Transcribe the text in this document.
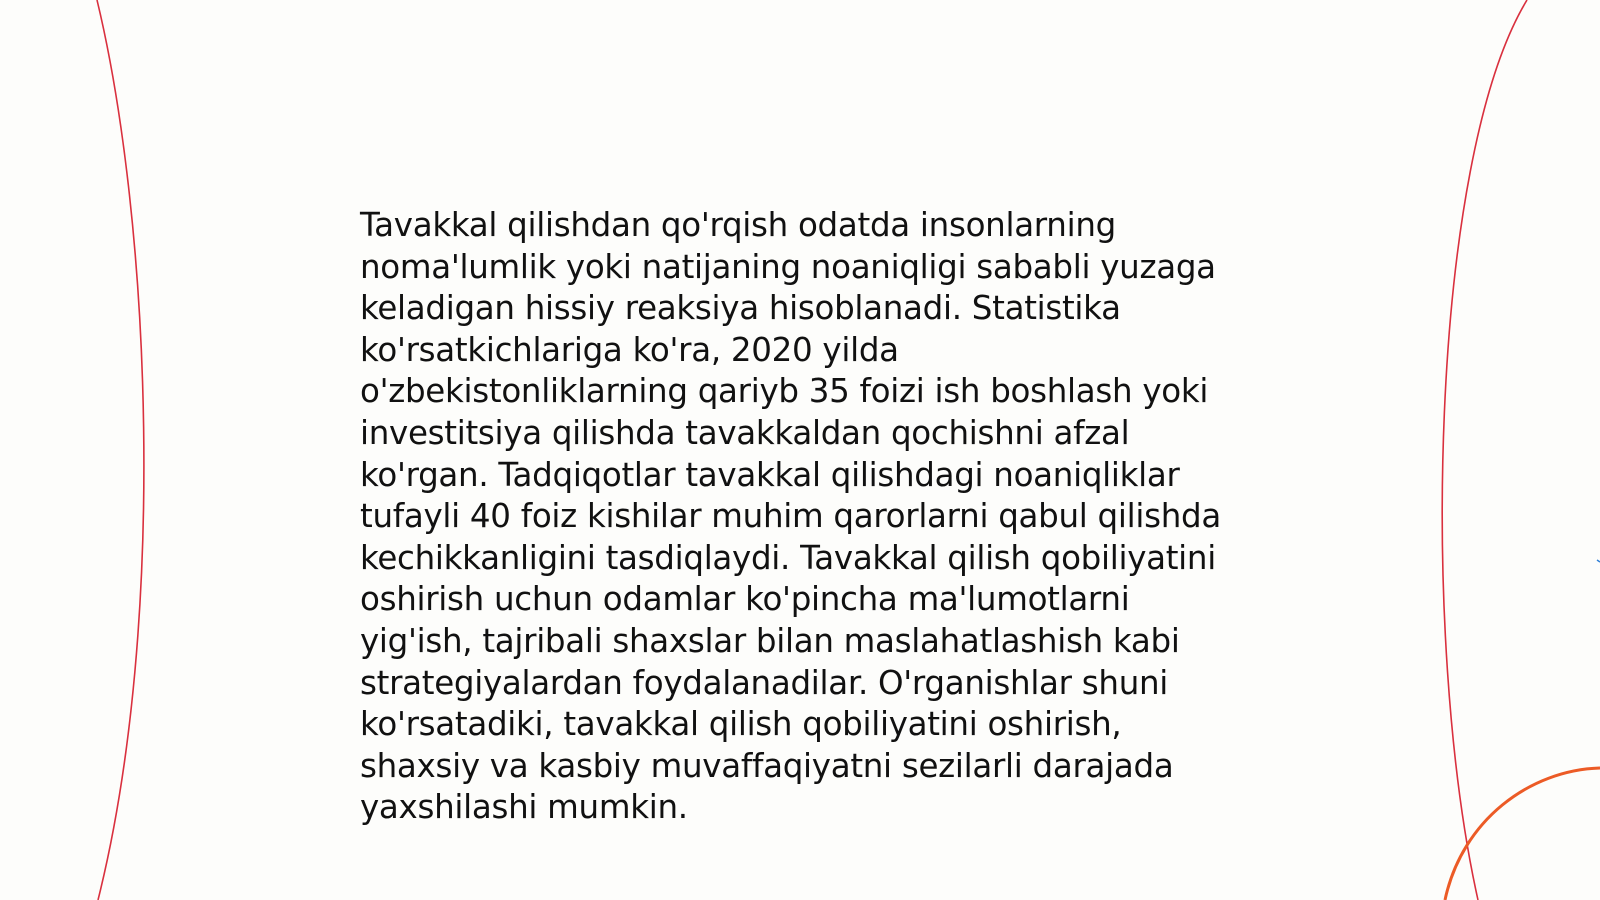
Tavakkal qilishdan qo'rqish odatda insonlarning
noma'lumlik yoki natijaning noaniqligi sababli yuzaga
keladigan hissiy reaksiya hisoblanadi. Statistika
ko'rsatkichlariga ko'ra, 2020 yilda
o'zbekistonliklarning qariyb 35 foizi ish boshlash yoki
investitsiya qilishda tavakkaldan qochishni afzal
ko'rgan. Tadqiqotlar tavakkal qilishdagi noaniqliklar
tufayli 40 foiz kishilar muhim qarorlarni qabul qilishda
kechikkanligini tasdiqlaydi. Tavakkal qilish qobiliyatini
oshirish uchun odamlar ko'pincha ma'lumotlarni
yig'ish, tajribali shaxslar bilan maslahatlashish kabi
strategiyalardan foydalanadilar. O'rganishlar shuni
ko'rsatadiki, tavakkal qilish qobiliyatini oshirish,
shaxsiy va kasbiy muvaffaqiyatni sezilarli darajada
yaxshilashi mumkin.
